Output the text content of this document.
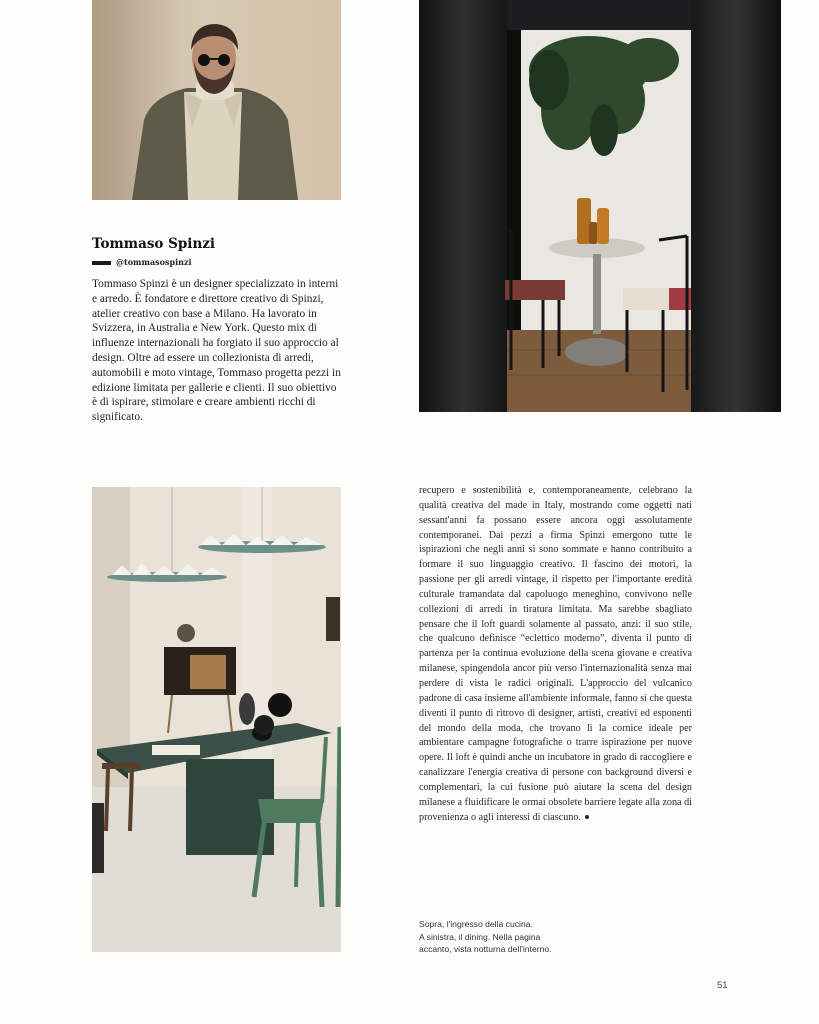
Tommaso Spinzi
@tommasospinzi
Tommaso Spinzi è un designer specializzato in interni e arredo. È fondatore e direttore creativo di Spinzi, atelier creativo con base a Milano. Ha lavorato in Svizzera, in Australia e New York. Questo mix di influenze internazionali ha forgiato il suo approccio al design. Oltre ad essere un collezionista di arredi, automobili e moto vintage, Tommaso progetta pezzi in edizione limitata per gallerie e clienti. Il suo obiettivo è di ispirare, stimolare e creare ambienti ricchi di significato.
recupero e sostenibilità e, contemporaneamente, celebrano la qualità creativa del made in Italy, mostrando come oggetti nati sessant'anni fa possano essere ancora oggi assolutamente contemporanei. Dai pezzi a firma Spinzi emergono tutte le ispirazioni che negli anni si sono sommate e hanno contribuito a formare il suo linguaggio creativo. Il fascino dei motori, la passione per gli arredi vintage, il rispetto per l'importante eredità culturale tramandata dal capoluogo meneghino, convivono nelle collezioni di arredi in tiratura limitata. Ma sarebbe sbagliato pensare che il loft guardi solamente al passato, anzi: il suo stile, che qualcuno definisce “eclettico moderno”, diventa il punto di partenza per la continua evoluzione della scena giovane e creativa milanese, spingendola ancor più verso l'internazionalità senza mai perdere di vista le radici originali. L'approccio del vulcanico padrone di casa insieme all'ambiente informale, fanno sì che questa diventi il punto di ritrovo di designer, artisti, creativi ed esponenti del mondo della moda, che trovano lì la cornice ideale per ambientare campagne fotografiche o trarre ispirazione per nuove opere. Il loft è quindi anche un incubatore in grado di raccogliere e canalizzare l'energia creativa di persone con background diversi e complementari, la cui fusione può aiutare la scena del design milanese a fluidificare le ormai obsolete barriere legate alla zona di provenienza o agli interessi di ciascuno.
Sopra, l'ingresso della cucina.
A sinistra, il dining. Nella pagina
accanto, vista notturna dell'interno.
51
